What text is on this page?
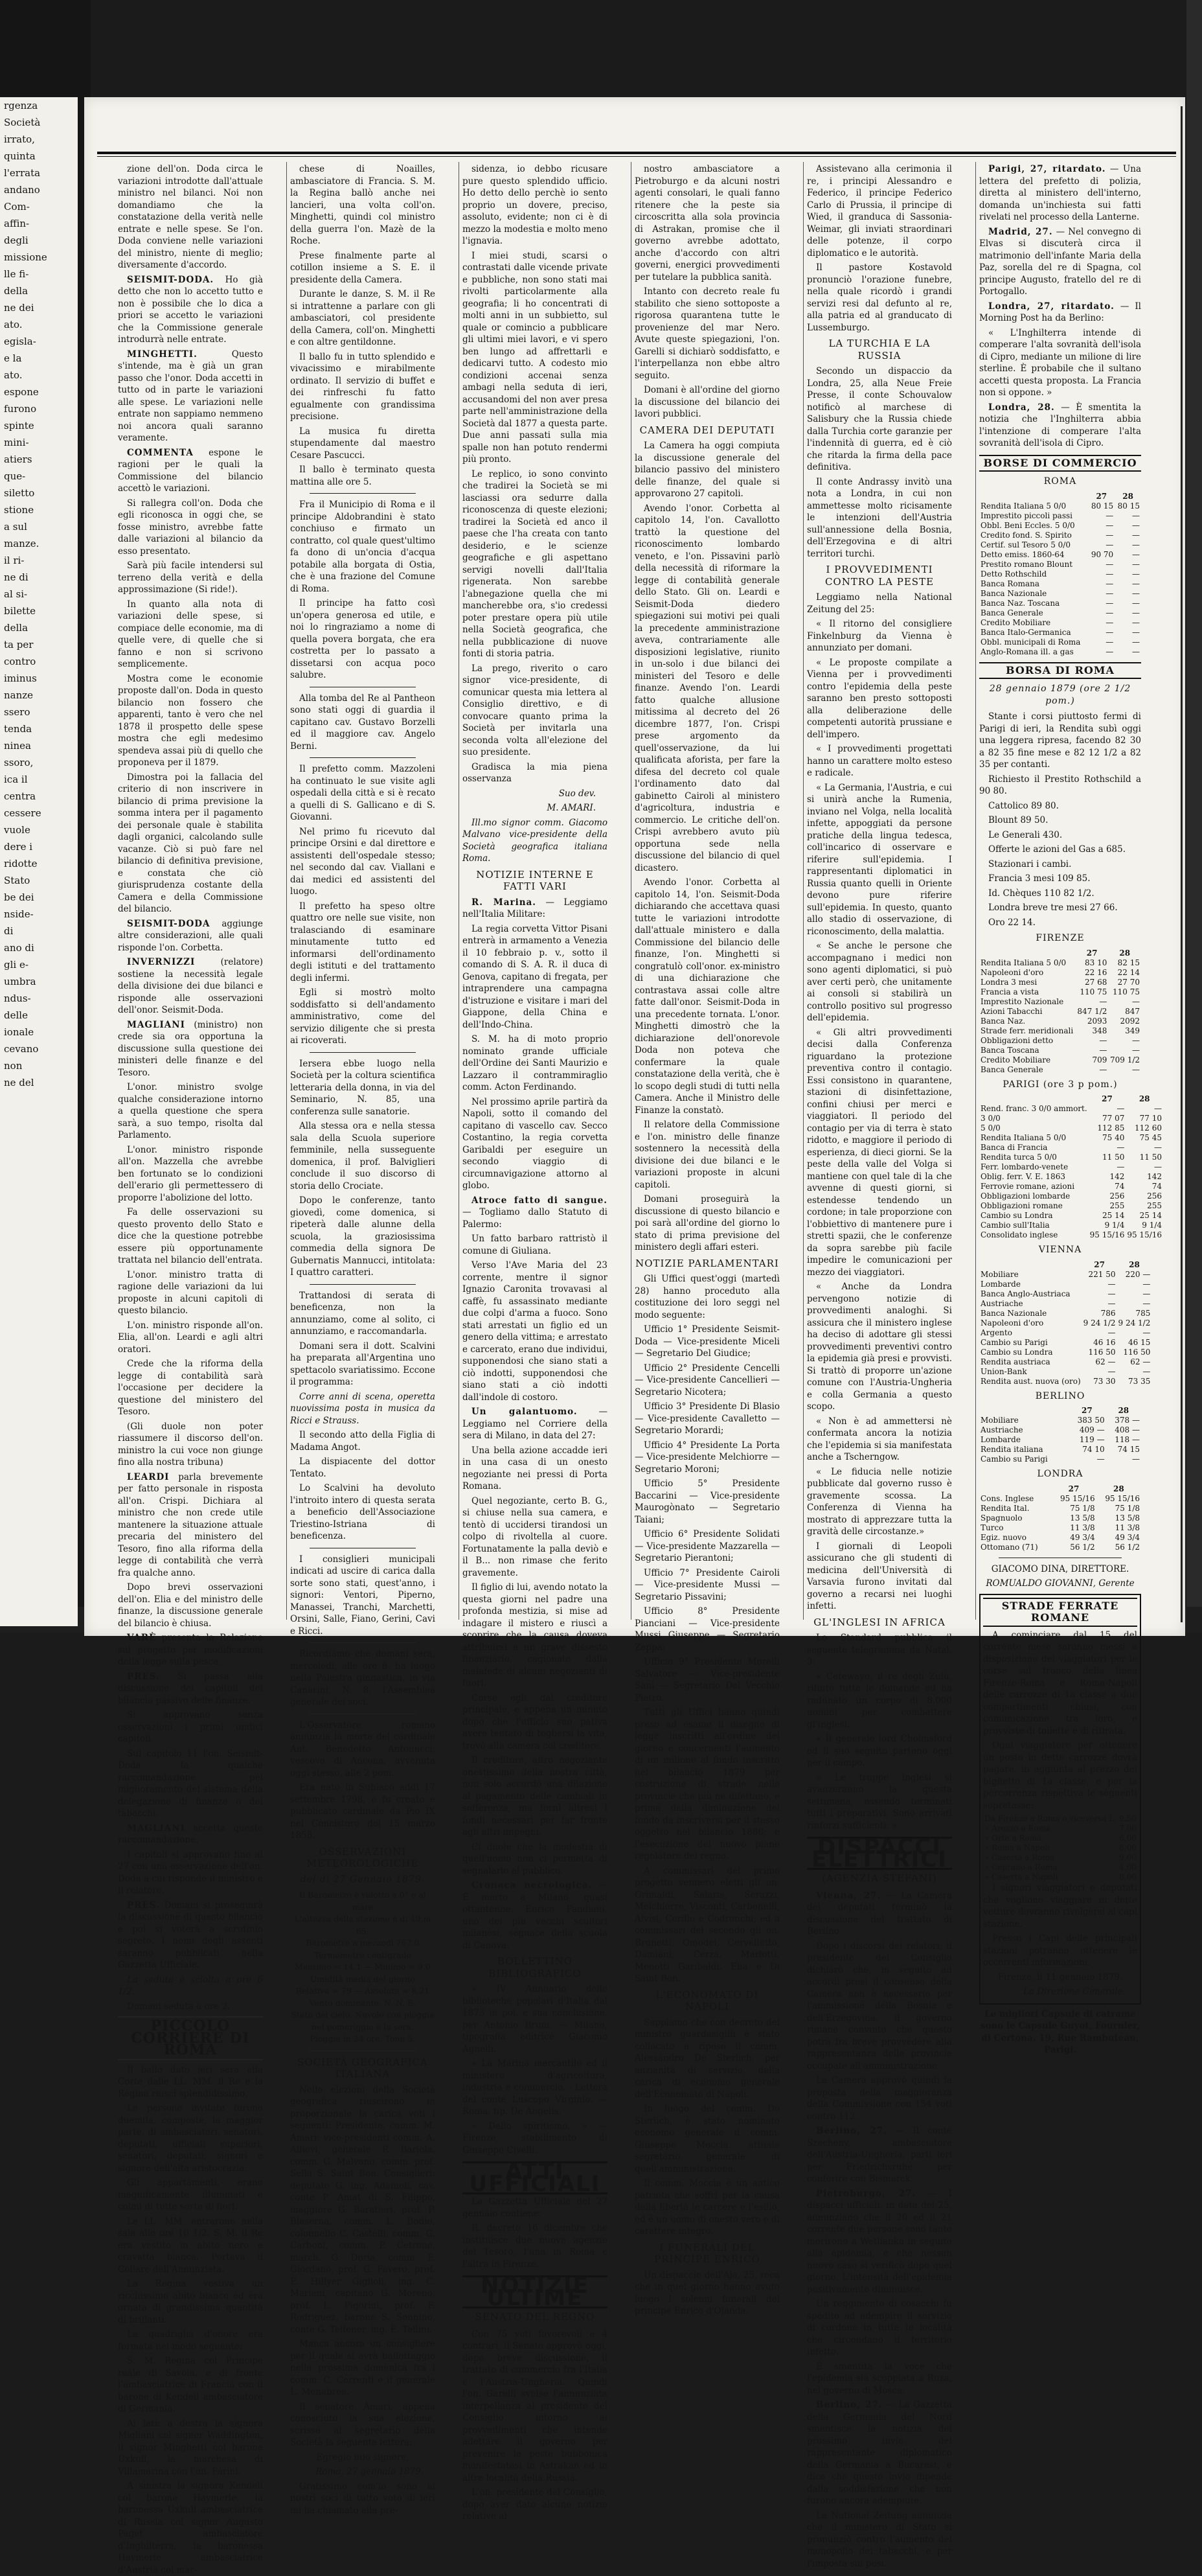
rgenza
Società
irrato,
quinta
l'errata
andano
Com-
affin-
degli
missione
lle fi-
della
ne dei
ato.
egisla-
e la
ato.
espone
furono
spinte
mini-
atiers
que-
siletto
stione
a sul
manze.
il ri-
ne di
al si-
bilette
della
ta per
contro
iminus
nanze
ssero
tenda
ninea
ssoro,
ica il
centra
cessere
vuole
dere i
ridotte
Stato
be dei
nside-
di
ano di
gli e-
umbra
ndus-
delle
ionale
cevano
non
ne del

zione dell'on. Doda circa le variazioni introdotte dall'attuale ministro nel bilanci. Noi non domandiamo che la constatazione della verità nelle entrate e nelle spese. Se l'on. Doda conviene nelle variazioni del ministro, niente di meglio; diversamente d'accordo.

SEISMIT-DODA. Ho già detto che non lo accetto tutto e non è possibile che lo dica a priori se accetto le variazioni che la Commissione generale introdurrà nelle entrate.

MINGHETTI.	Questo s'intende, ma è già un gran passo che l'onor. Doda accetti in tutto od in parte le variazioni alle spese. Le variazioni nelle entrate non sappiamo nemmeno noi ancora quali saranno veramente.

COMMENTA espone le ragioni per le quali la Commissione del bilancio accettò le variazioni.

Si rallegra coll'on. Doda che egli riconosca in oggi che, se fosse ministro, avrebbe fatte dalle variazioni al bilancio da esso presentato.

Sarà più facile intendersi sul terreno della verità e della approssimazione (Si ride!).

In quanto alla nota di variazioni delle spese, si compiace delle economie, ma di quelle vere, di quelle che si fanno e non si scrivono semplicemente.

Mostra come le economie proposte dall'on. Doda in questo bilancio non fossero che apparenti, tanto è vero che nel 1878 il prospetto delle spese mostra che egli medesimo spendeva assai più di quello che proponeva per il 1879.

Dimostra poi la fallacia del criterio di non inscrivere in bilancio di prima previsione la somma intera per il pagamento dei personale quale è stabilita dagli organici, calcolando sulle vacanze. Ciò si può fare nel bilancio di definitiva previsione, e constata che ciò giurisprudenza costante della Camera e della Commissione del bilancio.

SEISMIT-DODA aggiunge altre considerazioni, alle quali risponde l'on. Corbetta.

INVERNIZZI	(relatore) sostiene la necessità legale della divisione dei due bilanci e risponde alle osservazioni dell'onor. Seismit-Doda.

MAGLIANI (ministro) non crede sia ora opportuna la discussione sulla questione dei ministeri delle finanze e del Tesoro.

L'onor. ministro svolge qualche considerazione intorno a quella questione che spera sarà, a suo tempo, risolta dal Parlamento.

L'onor. ministro risponde all'on. Mazzella che avrebbe ben fortunato se lo condizioni dell'erario gli permettessero di proporre l'abolizione del lotto.

Fa delle osservazioni su questo provento dello Stato e dice che la questione potrebbe essere più opportunamente trattata nel bilancio dell'entrata.

L'onor. ministro tratta di ragione delle variazioni da lui proposte in alcuni capitoli di questo bilancio.

L'on. ministro risponde all'on. Elia, all'on. Leardi e agli altri oratori.

Crede che la riforma della legge di contabilità sarà l'occasione per decidere la questione del ministero del Tesoro.

(Gli duole non poter riassumere il discorso dell'on. ministro la cui voce non giunge fino alla nostra tribuna)

LEARDI parla brevemente per fatto personale in risposta all'on. Crispi. Dichiara al ministro che non crede utile mantenere la situazione attuale precaria del ministero del Tesoro, fino alla riforma della legge di contabilità che verrà fra qualche anno.

Dopo brevi osservazioni dell'on. Elia e del ministro delle finanze, la discussione generale del bilancio è chiusa.

VARÈ presenta la Relazione sul progetto per modificazioni della legge sulla pesca.

PRES. Si passa alla discussione dei capitoli del bilancio passivo delle finanze.

Si approvano senza osservazioni i primi undici capitoli.

Sul capitolo 11 l'on. Seismit-Doda fa qualche raccomandazione pel miglioramento del sistema della delegazione di finanze o dei tabacchi.

MAGLIANI accetta queste raccomandazione.

I capitoli si approvano fino al 27 con una osservazione dell'on. Doda a cui risponde il ministro e il relatore.

PRES. Domani si proseguirà la discussione di questo bilancio e poi si voterà a scrutinio segreto. I nomi degli assenti saranno pubblicati nella Gazzetta Ufficiale.

La seduta è sciolta a ore 6 1/2.

Domani seduta a ore 2.

PICCOLO CORRIERE DI ROMA

Il ballo dato ieri sera alla Corte dalle LL. MM. il Re e la Regina riuscì splendidissimo.

Le persone invitate furono duemila, composte, la maggior parte, di ambasciatori, senatori, deputati, ufficiali superiori, senatori, deputati, signori e signore dell'alta aristocrazia.

Gli appartamenti, erano magnificamente illuminati e colmi di tutte sorta di fiori.

Le LL. MM. entrarono nella sala alle ore 10 1/2. S. M. il Re era vestito in abito nero e cravatta bianca. Portava il Collare dell'Annunziata.

La Regina vestiva un ricchissimo abito bianco ed era ornata di grandissima quantità di brillanti.

La quadriglia d'onore era formata nel modo seguente:

S. M. Regina col Principe reale di Savoia, e di fronte l'ambasciatrice di Francia con il barone di Kendell ambasciatore di Germania.

Ai lati: a destra la signora Migliani col signor Waddington, il signor Minghetti col barone Uxkull, la marchesa di Villamarina con l'on. Farini.

A sinistra la signora Kendell col barone Haymerle, la baronessa Uxkull ambasciatrice di Russia col signor Augusto Paget ambasciatore d'Inghilterra, la baronessa Haymerle, ambasciatrice d'Austria col mar-

chese di Noailles, ambasciatore di Francia. S. M. la Regina ballò anche nei lancieri, una volta coll'on. Minghetti, quindi col ministro della guerra l'on. Mazè de la Roche.

Prese finalmente parte al cotillon insieme a S. E. il presidente della Camera.

Durante le danze, S. M. il Re si intrattenne a parlare con gli ambasciatori, col presidente della Camera, coll'on. Minghetti e con altre gentildonne.

Il ballo fu in tutto splendido e vivacissimo e mirabilmente ordinato. Il servizio di buffet e dei rinfreschi fu fatto egualmente con grandissima precisione.

La musica fu diretta stupendamente dal maestro Cesare Pascucci.

Il ballo è terminato questa mattina alle ore 5.

Fra il Municipio di Roma e il principe Aldobrandini è stato conchiuso e firmato un contratto, col quale quest'ultimo fa dono di un'oncia d'acqua potabile alla borgata di Ostia, che è una frazione del Comune di Roma.

Il principe ha fatto così un'opera generosa ed utile, e noi lo ringraziamo a nome di quella povera borgata, che era costretta per lo passato a dissetarsi con acqua poco salubre.

Alla tomba del Re al Pantheon sono stati oggi di guardia il capitano cav. Gustavo Borzelli ed il maggiore cav. Angelo Berni.

Il prefetto comm. Mazzoleni ha continuato le sue visite agli ospedali della città e si è recato a quelli di S. Gallicano e di S. Giovanni.

Nel primo fu ricevuto dal principe Orsini e dal direttore e assistenti dell'ospedale stesso; nel secondo dal cav. Viallani e dai medici ed assistenti del luogo.

Il prefetto ha speso oltre quattro ore nelle sue visite, non tralasciando di esaminare minutamente tutto ed informarsi dell'ordinamento degli istituti e del trattamento degli infermi.

Egli si mostrò molto soddisfatto si dell'andamento amministrativo, come del servizio diligente che si presta ai ricoverati.

Iersera ebbe luogo nella Società per la coltura scientifica letteraria della donna, in via del Seminario, N. 85, una conferenza sulle sanatorie.

Alla stessa ora e nella stessa sala della Scuola superiore femminile, nella susseguente domenica, il prof. Balviglieri conclude il suo discorso di storia dello Crociate.

Dopo le conferenze, tanto giovedì, come domenica, si ripeterà dalle alunne della scuola, la graziosissima commedia della signora De Gubernatis Mannucci, intitolata: I quattro caratteri.

Trattandosi di serata di beneficenza, non la annunziamo, come al solito, ci annunziamo, e raccomandarla.

Domani sera il dott. Scalvini ha preparata all'Argentina uno spettacolo svariatissimo. Eccone il programma:

Corre anni di scena, operetta nuovissima posta in musica da Ricci e Strauss.

Il secondo atto della Figlia di Madama Angot.

La dispiacente del dottor Tentato.

Lo Scalvini ha devoluto l'introito intero di questa serata a beneficio dell'Associazione Triestino-Istriana di beneficenza.

I consiglieri municipali indicati ad uscire di carica dalla sorte sono stati, quest'anno, i signori: Ventori, Piperno, Manassei, Tranchi, Marchetti, Orsini, Salle, Fiano, Gerini, Cavi e Ricci.

Ricordiamo che domani sera, mercoledì, alle ore 8, ha luogo nella Palestra ginnastica, in via Canarini, N. 8, l'Assemblea generale dei soci.

L'Osservatore romano annunzia la morte del cardinale Ant. Benedetto Antonucci, vescovo di Ancona, avvenuta oggi stesso, alle 2 pom.

Era nato in Subiaco addì 17 settembre 1798, e fu creato e pubblicato cardinale da Pio IX nel Concistoro del 15 marzo 1858.

OSSERVAZIONI METEOROLOGICHE
del dì 27 Gennaio 1879.

Il Barometro è ridotto a 0° e al mare

L'altezza della stazione è di 49,m 65;

Barometro a mezzodì 767.0

Termometro centigrado

Massimo = 14,1 — Minimo = 9,0

Umidità media del giorno

Relativa = 79 — Assoluta = 8,21

Vento dominante. N. N. E.

Stato del cielo. Nuvolo con pioggia nel pomeriggio e la sera.

Pioggia in 24 ore. Tonn 5.

SOCIETÀ GEOGRAFICA ITALIANA

Nelle elezioni della Società geografica riuscirono in proporzionale la carica voti i seguenti: Presidente, comm. M. Amari; vice-presidenti comm. A. Allievi, generale P. Bariola, comm. G. Malvano, comm. prof. Sella S. Saint Bon. Consiglieri: deputato G. ing. Adamoli, cav. conte P. Amat di S. Filippo, maggiore G. Baratieri, prof. P. Blaserna, comm. L. Bodio, colonnello C. Castelli, comm. G. Carboni, comm. P. Cetrone, march. G. Doria, comm. F. Giordano, prof. G. Favero, prof. E. Hillyer Giglioli, ing. C. Mariani, capitano G. Moreno, prof. L. Pigorini, prof. F. Rodriguez, barone S. Sonnino, conte G. Telfener, ing. E. Tellini.

Manca ancora un consigliere per il quale si avrà ballottaggio nella prossima domenica fra i comm. C. Correnti e il generale L. Menabrea.

Il senatore Amari, appena conosciuto la sua elezione, scrisse al segretario della Società la seguente lettera:

Egregio mio signore,

Roma, 27 gennaio 1879.

Gratissimo com'io sono ai nostri soci di tutto voto di ieri mi ha chiamato alla pre-

sidenza, io debbo ricusare pure questo splendido ufficio. Ho detto dello perchè io sento proprio un dovere, preciso, assoluto, evidente; non ci è di mezzo la modestia e molto meno l'ignavia.

I miei studi, scarsi o contrastati dalle vicende private e pubbliche, non sono stati mai rivolti particolarmente alla geografia; li ho concentrati di molti anni in un subbietto, sul quale or comincio a pubblicare gli ultimi miei lavori, e vi spero ben lungo ad affrettarli e dedicarvi tutto. A codesto mio condizioni accenai senza ambagi nella seduta di ieri, accusandomi del non aver presa parte nell'amministrazione della Società dal 1877 a questa parte. Due anni passati sulla mia spalle non han potuto rendermi più pronto.

Le replico, io sono convinto che tradirei la Società se mi lasciassi ora sedurre dalla riconoscenza di queste elezioni; tradirei la Società ed anco il paese che l'ha creata con tanto desiderio, e le scienze geografiche e gli aspettano servigi novelli dall'Italia rigenerata. Non sarebbe l'abnegazione quella che mi mancherebbe ora, s'io credessi poter prestare opera più utile nella Società geografica, che nella pubblicazione di nuove fonti di storia patria.

La prego, riverito o caro signor vice-presidente, di comunicar questa mia lettera al Consiglio direttivo, e di convocare quanto prima la Società per invitarla una seconda volta all'elezione del suo presidente.

Gradisca la mia piena osservanza

Suo dev.

M. AMARI.

Ill.mo signor comm. Giacomo Malvano vice-presidente della Società geografica italiana Roma.

NOTIZIE INTERNE E FATTI VARI

R. Marina. — Leggiamo nell'Italia Militare:

La regia corvetta Vittor Pisani entrerà in armamento a Venezia il 10 febbraio p. v., sotto il comando di S. A. R. il duca di Genova, capitano di fregata, per intraprendere una campagna d'istruzione e visitare i mari del Giappone, della China e dell'Indo-China.

S. M. ha di moto proprio nominato grande ufficiale dell'Ordine dei Santi Maurizio e Lazzaro il contrammiraglio comm. Acton Ferdinando.

Nel prossimo aprile partirà da Napoli, sotto il comando del capitano di vascello cav. Secco Costantino, la regia corvetta Garibaldi per eseguire un secondo viaggio di circumnavigazione attorno al globo.

Atroce fatto di sangue. — Togliamo dallo Statuto di Palermo:

Un fatto barbaro rattristò il comune di Giuliana.

Verso l'Ave Maria del 23 corrente, mentre il signor Ignazio Caronita trovavasi al caffè, fu assassinato mediante due colpi d'arma a fuoco. Sono stati arrestati un figlio ed un genero della vittima; e arrestato e carcerato, erano due individui, supponendosi che siano stati a ciò indotti, supponendosi che siano stati a ciò indotti dall'indole di costoro.

Un galantuomo. — Leggiamo nel Corriere della sera di Milano, in data del 27:

Una bella azione accadde ieri in una casa di un onesto negoziante nei pressi di Porta Romana.

Quel negoziante, certo B. G., si chiuse nella sua camera, e tentò di uccidersi tirandosi un colpo di rivoltella al cuore. Fortunatamente la palla deviò e il B... non rimase che ferito gravemente.

Il figlio di lui, avendo notato la questa giorni nel padre una profonda mestizia, si mise ad indagare il mistero e riuscì a scoprire che la causa doveva attribuirsi a un grave dissesto finanziario, cagionato dalla malafede di alcuni negozianti di fuori.

Corse egli dal creditore principale, e appena un minuto dopo che l'ufficio suo pativa avere tentato di togliersi la vita, trovò alla camera col creditore.

Il creditore, altro negoziante onestissimo della nostra città, non solo accordò una dilazione al pagamento delle cambiali in sofferenza, ma fornì altresì i fondi necessari per far fronte agli altri impegni.

Ci duole che la modestia di quell'uomo non ci permetta di segnalarlo al pubblico.

Cronaca necrologica. — È morto a Milano, quasi ottantenne, Enrico Pandiani, uno dei più vecchi scultori milanesi, seguace della scuola di Canova.

BOLLETTINO BIBLIOGRAFICO

« IV Annuario delle biblioteche popolari d'Italia dal 1873 in poi, e sua conclusione, per Antonio Bruni. — Milano, tipografia editrice Giacomo Agnelli.

« La Marina mercantile ed il ministero d'agricoltura, industria e commercio. - Lettera del conte Luscopo Virginio. — Roma, tip. De Angelis.

« Dello spiritismo. » — Firenze, stabilimento di Giuseppe Civelli.

ATTI UFFICIALI

La Gazzetta Ufficiale del 27 gennaio contiene:

R. decreto 16 dicembre che instituisce due nuove agenzie del Tesoro, l'una in Roma e l'altra in Firenze.

NOTIZIE ULTIME
SENATO DEL REGNO

Con 75 voti favorevoli e 4 contrari, il Senato approvò oggi, dopo breve discussione, il trattato di commercio fra l'Italia e l'Austria-Ungheria. Quindi l'on. Garelli svolse l'annunziata interpellanza al presidente del Consiglio intorno ai provvedimenti che intende adottare il governo per prevenire le peste bubbonica manifestatasi in Astrakan ed in altre località della Russia.

L'on. presidente del Consiglio, dopo aver dato alcune notizie relative al

nostro ambasciatore a Pietroburgo e da alcuni nostri agenti consolari, le quali fanno ritenere che la peste sia circoscritta alla sola provincia di Astrakan, promise che il governo avrebbe adottato, anche d'accordo con altri governi, energici provvedimenti per tutelare la pubblica sanità.

Intanto con decreto reale fu stabilito che sieno sottoposte a rigorosa quarantena tutte le provenienze del mar Nero. Avute queste spiegazioni, l'on. Garelli si dichiarò soddisfatto, e l'interpellanza non ebbe altro seguito.

Domani è all'ordine del giorno la discussione del bilancio dei lavori pubblici.

CAMERA DEI DEPUTATI

La Camera ha oggi compiuta la discussione generale del bilancio passivo del ministero delle finanze, del quale si approvarono 27 capitoli.

Avendo l'onor. Corbetta al capitolo 14, l'on. Cavallotto trattò la questione del riconoscimento lombardo veneto, e l'on. Pissavini parlò della necessità di riformare la legge di contabilità generale dello Stato. Gli on. Leardi e Seismit-Doda diedero spiegazioni sui motivi pei quali la precedente amministrazione aveva, contrariamente alle disposizioni legislative, riunito in un-solo i due bilanci dei ministeri del Tesoro e delle finanze. Avendo l'on. Leardi fatto qualche allusione mitissima al decreto del 26 dicembre 1877, l'on. Crispi prese argomento da quell'osservazione, da lui qualificata aforista, per fare la difesa del decreto col quale l'ordinamento dato dal gabinetto Cairoli al ministero d'agricoltura, industria e commercio. Le critiche dell'on. Crispi avrebbero avuto più opportuna sede nella discussione del bilancio di quel dicastero.

Avendo l'onor. Corbetta al capitolo 14, l'on. Seismit-Doda dichiarando che accettava quasi tutte le variazioni introdotte dall'attuale ministero e dalla Commissione del bilancio delle finanze, l'on. Minghetti si congratulò coll'onor. ex-ministro di una dichiarazione che contrastava assai colle altre fatte dall'onor. Seismit-Doda in una precedente tornata. L'onor. Minghetti dimostrò che la dichiarazione dell'onorevole Doda non poteva che confermare la quale constatazione della verità, che è lo scopo degli studi di tutti nella Camera. Anche il Ministro delle Finanze la constatò.

Il relatore della Commissione e l'on. ministro delle finanze sostennero la necessità della divisione dei due bilanci e le variazioni proposte in alcuni capitoli.

Domani proseguirà la discussione di questo bilancio e poi sarà all'ordine del giorno lo stato di prima previsione del ministero degli affari esteri.

NOTIZIE PARLAMENTARI

Gli Uffici quest'oggi (martedì 28) hanno proceduto alla costituzione dei loro seggi nel modo seguente:

Ufficio 1° Presidente Seismit-Doda — Vice-presidente Miceli — Segretario Del Giudice;

Ufficio 2° Presidente Cencelli — Vice-presidente Cancellieri — Segretario Nicotera;

Ufficio 3° Presidente Di Blasio — Vice-presidente Cavalletto — Segretario Morardi;

Ufficio 4° Presidente La Porta — Vice-presidente Melchiorre — Segretario Moroni;

Ufficio 5° Presidente Baccarini — Vice-presidente Maurogònato — Segretario Taiani;

Ufficio 6° Presidente Solidati — Vice-presidente Mazzarella — Segretario Pierantoni;

Ufficio 7° Presidente Cairoli — Vice-presidente Mussi — Segretario Pissavini;

Ufficio 8° Presidente Pianciani — Vice-presidente Mussi Giuseppe — Segretario Zeppa;

Ufficio 9° Presidente Morelli Salvatore — Vice-presidente Sani — Segretario Del Vecchio Pietro.

Tutti gli Uffici hanno quindi preso ad esame il disegno di legge inscritti all'ordine del giorno e concernenti l'aumento di un milione al fondo inscritto nel bilancio 1879 per costruzione di strade nelle provincie che più ne difettano, e prima della diminuzione del fondo da inscriversi per il stesso oggetto nel bilancio 1880; e l'esecuzione del nuovo piano regolatore del regno.

A commissari del primo progetto vennero eletti gli on. Grimaldi, Salaris, Serazzi, Melchiorre, Visconti, Carbonelli, Alvisi, Cerillo e Codronchi; ed a commissari del secondo gli on. Brunetti, Omodei, Cervelletto, Damiani, Cerza, Marlotti, Menotti Garibaldi, Elia e Di Saint Bon.

L'ECONOMATO DI NAPOLI

Sappiamo che con decreto del ministro guardasigilli è stato collocato a riposo il comm. Alessandro De Sterlich, per anzianità di servizio, dalla carica di economo generale dell'Economato di Napoli.

In luogo del comm. Do Sterlich, è stato nominato economo generale il comm. Giuseppe Moccia attuale segretario generale di quell'amministrazione.

Il comm. Moccia è un antico patriota che soffrì per la causa della libertà le carcere e l'esilio, ed è un uomo di onesto vero e di carattere integro.

I FUNERALI DEL PRINCIPE ENRICO

Un dispaccio dell'Aja, 25, reca che in quel giorno hanno avuto luogo i solenni funerali del principe Enrico d'Olanda.

Assistevano alla cerimonia il re, i principi Alessandro e Federico, il principe Federico Carlo di Prussia, il principe di Wied, il granduca di Sassonia-Weimar, gli inviati straordinari delle potenze, il corpo diplomatico e le autorità.

Il pastore Kostavold pronunciò l'orazione funebre, nella quale ricordò i grandi servizi resi dal defunto al re, alla patria ed al granducato di Lussemburgo.

LA TURCHIA E LA RUSSIA

Secondo un dispaccio da Londra, 25, alla Neue Freie Presse, il conte Schouvalow notificò al marchese di Salisbury che la Russia chiede dalla Turchia corte garanzie per l'indennità di guerra, ed è ciò che ritarda la firma della pace definitiva.

Il conte Andrassy invitò una nota a Londra, in cui non ammettesse molto ricisamente le intenzioni dell'Austria sull'annessione della Bosnia, dell'Erzegovina e di altri territori turchi.

I PROVVEDIMENTI CONTRO LA PESTE

Leggiamo nella National Zeitung del 25:

« Il ritorno del consigliere Finkelnburg da Vienna è annunziato per domani.

« Le proposte compilate a Vienna per i provvedimenti contro l'epidemia della peste saranno ben presto sottoposti alla deliberazione delle competenti autorità prussiane e dell'impero.

« I provvedimenti progettati hanno un carattere molto esteso e radicale.

« La Germania, l'Austria, e cui si unirà anche la Rumenia, inviano nel Volga, nella località infette, appoggiati da persone pratiche della lingua tedesca, coll'incarico di osservare e riferire sull'epidemia. I rappresentanti diplomatici in Russia quanto quelli in Oriente devono pure riferire sull'epidemia. In questo, quanto allo stadio di osservazione, di riconoscimento, della malattia.

« Se anche le persone che accompagnano i medici non sono agenti diplomatici, si può aver certi però, che unitamente ai consoli si stabilirà un controllo positivo sul progresso dell'epidemia.

« Gli altri provvedimenti decisi dalla Conferenza riguardano la protezione preventiva contro il contagio. Essi consistono in quarantene, stazioni di disinfettazione, confini chiusi per merci e viaggiatori. Il periodo del contagio per via di terra è stato ridotto, e maggiore il periodo di esperienza, di dieci giorni. Se la peste della valle del Volga si mantiene con quel tale di la che avvenne di questi giorni, si estendesse tendendo un cordone; in tale proporzione con l'obbiettivo di mantenere pure i stretti spazii, che le conferenze da sopra sarebbe più facile impedire le comunicazioni per mezzo dei viaggiatori.

« Anche da Londra pervengono notizie di provvedimenti analoghi. Si assicura che il ministero inglese ha deciso di adottare gli stessi provvedimenti preventivi contro la epidemia già presi e provvisti. Si trattò di proporre un'azione comune con l'Austria-Ungheria e colla Germania a questo scopo.

« Non è ad ammettersi nè confermata ancora la notizia che l'epidemia si sia manifestata anche a Tscherngow.

« Le fiducia nelle notizie pubblicate dal governo russo è gravemente scossa. La Conferenza di Vienna ha mostrato di apprezzare tutta la gravità delle circostanze.»

I giornali di Leopoli assicurano che gli studenti di medicina dell'Università di Varsavia furono invitati dal governo a recarsi nei luoghi infetti.

GL'INGLESI IN AFRICA

Lo Standard pubblica il seguente telegramma da Natal, 3:

« Cetewayo, il re degli Zulù, rifiutò tutte le domande ed ha radunato un corpo di 8,000 uomini per combattere gl'inglesi.

« Il generale lord Cholmsford ed il suo seguito partono oggi per il campo.

« Le truppe inglesi si avanzeranno la questa settimana, essendo terminati tutti i preparativi. Sono arrivati rinforzi sufficienti. »

DISPACCI ELETTRICI
(AGENZIA STEFANI)

Vienna, 27. — La Camera dei deputati terminò la discussione del trattato di Berlino.

Dopo i discorsi dei relatori, il presidente del Consiglio dichiarò che, in seguito ad accordi presi il consenso della Camera non è necessario per l'ammissione della Bosnia e dell'Erzegovina, il governo rimane convinto che questo potrà fra breve provvedere alla rappresentanza delle provincie occupate all'amministrazione.

La Camera approvò quindi la proposta della maggioranza della Commissione con 154 voti contro 112.

Berlino, 27. — Il conte Szecheny, ambasciatore dell'Austria-Ungheria, parti ieri per Friedrichsruhe per conferire con Bismarck.

Pietroburgo, 27. — I dispacci ufficiali, in data del 25, annunziano che il 20 ed il 21 corrente due persone sono tanto morirono a Wetlianka in seguito alla epidemia, e che nessun nuovo caso si verificò dopo quel giorno. L'intensità dell'epidemia positivamente diminuisce.

Un reggimento di cosacchi fu spedito ad adempire il servizio di cordone in tutte le località che circondano il territorio infetto.

È smentita la voce che l'epidemia sia scoppiata a Ruza, nel governo di Mosca.

Berlino, 27. — La Gazzetta della Germania del Nord smentisce la notizia del prossimo invio del rappresentante diplomatico della Germania a Bucarest, e dice che questo invio dipende dalla soddisfazione che non furono ancora adempiute.

La National Zeitung annunzia che il ministero di Stato si pronunziò contro l'aumento del monopolio dei tabacchi, e per l'imposta sui pesi.

Parigi, 27, ritardato. — Una lettera del prefetto di polizia, diretta al ministero dell'interno, domanda un'inchiesta sui fatti rivelati nel processo della Lanterne.

Madrid, 27. — Nel convegno di Elvas si discuterà circa il matrimonio dell'infante Maria della Paz, sorella del re di Spagna, col principe Augusto, fratello del re di Portogallo.

Londra, 27, ritardato. — Il Morning Post ha da Berlino:

« L'Inghilterra intende di comperare l'alta sovranità dell'isola di Cipro, mediante un milione di lire sterline. È probabile che il sultano accetti questa proposta. La Francia non si oppone. »

Londra, 28. — È smentita la notizia che l'Inghilterra abbia l'intenzione di comperare l'alta sovranità dell'isola di Cipro.

BORSE DI COMMERCIO
ROMA
	27	28
Rendita Italiana 5 0/0	80 15	80 15
Imprestito piccoli passi	—	—
Obbl. Beni Eccles. 5 0/0	—	—
Credito fond. S. Spirito	—	—
Certif. sul Tesoro 5 0/0	—	—
Detto emiss. 1860-64	90 70	—
Prestito romano Blount	—	—
Detto Rothschild	—	—
Banca Romana	—	—
Banca Nazionale	—	—
Banca Naz. Toscana	—	—
Banca Generale	—	—
Credito Mobiliare	—	—
Banca Italo-Germanica	—	—
Obbl. municipali di Roma	—	—
Anglo-Romana ill. a gas	—	—
BORSA DI ROMA
28 gennaio 1879 (ore 2 1/2 pom.)

Stante i corsi piuttosto fermi di Parigi di ieri, la Rendita subì oggi una leggera ripresa, facendo 82 30 a 82 35 fine mese e 82 12 1/2 a 82 35 per contanti.

Richiesto il Prestito Rothschild a 90 80.

Cattolico 89 80.

Blount 89 50.

Le Generali 430.

Offerte le azioni del Gas a 685.

Stazionari i cambi.

Francia 3 mesi 109 85.

Id. Chèques 110 82 1/2.

Londra breve tre mesi 27 66.

Oro 22 14.

FIRENZE
	27	28
Rendita Italiana 5 0/0	83 10	82 15
Napoleoni d'oro	22 16	22 14
Londra 3 mesi	27 68	27 70
Francia a vista	110 75	110 75
Imprestito Nazionale	—	—
Azioni Tabacchi	847 1/2	847
Banca Naz.	2093	2092
Strade ferr. meridionali	348	349
Obbligazioni detto	—	—
Banca Toscana	—	—
Credito Mobiliare	709	709 1/2
Banca Generale	—	—
PARIGI (ore 3 p pom.)
	27	28
Rend. franc. 3 0/0 ammort.	—	—
3 0/0	77 07	77 10
5 0/0	112 85	112 60
Rendita Italiana 5 0/0	75 40	75 45
Banca di Francia	—	—
Rendita turca 5 0/0	11 50	11 50
Ferr. lombardo-venete	—	—
Oblig. ferr. V. E. 1863	142	142
Ferrovie romane, azioni	74	74
Obbligazioni lombarde	256	256
Obbligazioni romane	255	255
Cambio su Londra	25 14	25 14
Cambio sull'Italia	9 1/4	9 1/4
Consolidato inglese	95 15/16	95 15/16
VIENNA
	27	28
Mobiliare	221 50	220 —
Lombarde	—	—
Banca Anglo-Austriaca	—	—
Austriache	—	—
Banca Nazionale	786	785
Napoleoni d'oro	9 24 1/2	9 24 1/2
Argento	—	—
Cambio su Parigi	46 16	46 15
Cambio su Londra	116 50	116 50
Rendita austriaca	62 —	62 —
Union-Bank	—	—
Rendita aust. nuova (oro)	73 30	73 35
BERLINO
	27	28
Mobiliare	383 50	378 —
Austriache	409 —	408 —
Lombarde	119 —	118 —
Rendita italiana	74 10	74 15
Cambio su Parigi	—	—
LONDRA
	27	28
Cons. Inglese	95 15/16	95 15/16
Rendita Ital.	75 1/8	75 1/8
Spagnuolo	13 5/8	13 5/8
Turco	11 3/8	11 3/8
Egiz. nuovo	49 3/4	49 3/4
Ottomano (71)	56 1/2	56 1/2

GIACOMO DINA, DIRETTORE.

ROMUALDO GIOVANNI, Gerente

STRADE FERRATE ROMANE

A cominciare dal 15 del corrente mese saranno messi a disposizione dei viaggiatori per le corse sul tronco della linea Firenze-Roma e Roma-Napoli delle carrozze di 1a classe a due compartimenti chiusi, con comunicazione tra loro, e provviste di toilette e di ritirata.

Ogni viaggiatore per ottenere un posto in dette carrozze dovrà pagare, in aggiunta al prezzo del biglietto di 1a classe, e per la percorrenza rispettiva le seguenti sopratasse:

Da Firenze a Roma o viceversa	L. 9,50
» Arezzo a Roma	7,00
» Orte a Roma	6,00
» Roma a Napoli	6,00
» Caserta a Roma	9,00
» Ceprano a Roma	4,00
» Caserta a Napoli	8,00

I signori viaggiatori e deputati che vogliono viaggiare in dette vetture dovranno rivolgersi ai capi stazione.

Presso i Capi delle principali stazioni potranno ottenere le occorrenti informazioni.

Firenze, lì 11 gennaio 1879.

La Direzione Generale.

Le migliori Capsule di catrame sono le Capsule Guyot, Fournier, di Certona. 19, Rue Rambuteau, Parigi.
